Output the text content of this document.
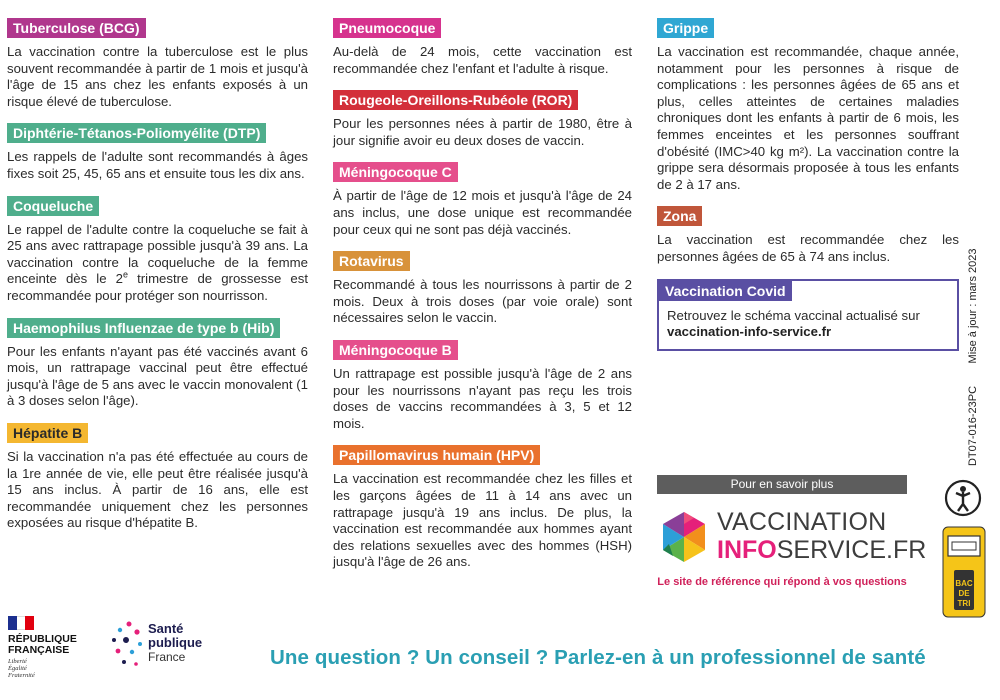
Tuberculose (BCG)

La vaccination contre la tuberculose est le plus souvent recommandée à partir de 1 mois et jusqu'à l'âge de 15 ans chez les enfants exposés à un risque élevé de tuberculose.

Diphtérie-Tétanos-Poliomyélite (DTP)

Les rappels de l'adulte sont recommandés à âges fixes soit 25, 45, 65 ans et ensuite tous les dix ans.

Coqueluche

Le rappel de l'adulte contre la coqueluche se fait à 25 ans avec rattrapage possible jusqu'à 39 ans. La vaccination contre la coqueluche de la femme enceinte dès le 2e trimestre de grossesse est recommandée pour protéger son nourrisson.

Haemophilus Influenzae de type b (Hib)

Pour les enfants n'ayant pas été vaccinés avant 6 mois, un rattrapage vaccinal peut être effectué jusqu'à l'âge de 5 ans avec le vaccin monovalent (1 à 3 doses selon l'âge).

Hépatite B

Si la vaccination n'a pas été effectuée au cours de la 1re année de vie, elle peut être réalisée jusqu'à 15 ans inclus. À partir de 16 ans, elle est recommandée uniquement chez les personnes exposées au risque d'hépatite B.

Pneumocoque

Au-delà de 24 mois, cette vaccination est recommandée chez l'enfant et l'adulte à risque.

Rougeole-Oreillons-Rubéole (ROR)

Pour les personnes nées à partir de 1980, être à jour signifie avoir eu deux doses de vaccin.

Méningocoque C

À partir de l'âge de 12 mois et jusqu'à l'âge de 24 ans inclus, une dose unique est recommandée pour ceux qui ne sont pas déjà vaccinés.

Rotavirus

Recommandé à tous les nourrissons à partir de 2 mois. Deux à trois doses (par voie orale) sont nécessaires selon le vaccin.

Méningocoque B

Un rattrapage est possible jusqu'à l'âge de 2 ans pour les nourrissons n'ayant pas reçu les trois doses de vaccins recommandées à 3, 5 et 12 mois.

Papillomavirus humain (HPV)

La vaccination est recommandée chez les filles et les garçons âgées de 11 à 14 ans avec un rattrapage jusqu'à 19 ans inclus. De plus, la vaccination est recommandée aux hommes ayant des relations sexuelles avec des hommes (HSH) jusqu'à l'âge de 26 ans.

Grippe

La vaccination est recommandée, chaque année, notamment pour les personnes à risque de complications : les personnes âgées de 65 ans et plus, celles atteintes de certaines maladies chroniques dont les enfants à partir de 6 mois, les femmes enceintes et les personnes souffrant d'obésité (IMC>40 kg m²). La vaccination contre la grippe sera désormais proposée à tous les enfants de 2 à 17 ans.

Zona

La vaccination est recommandée chez les personnes âgées de 65 à 74 ans inclus.

Vaccination Covid

Retrouvez le schéma vaccinal actualisé sur
vaccination-info-service.fr

Pour en savoir plus
VACCINATION
INFOSERVICE.FR
Le site de référence qui répond à vos questions
Mise à jour : mars 2023
DT07-016-23PC
BAC
DE
TRI
RÉPUBLIQUE
FRANÇAISE
Liberté
Égalité
Fraternité
Santé
publique
France	Une question ? Un conseil ? Parlez-en à un professionnel de santé
